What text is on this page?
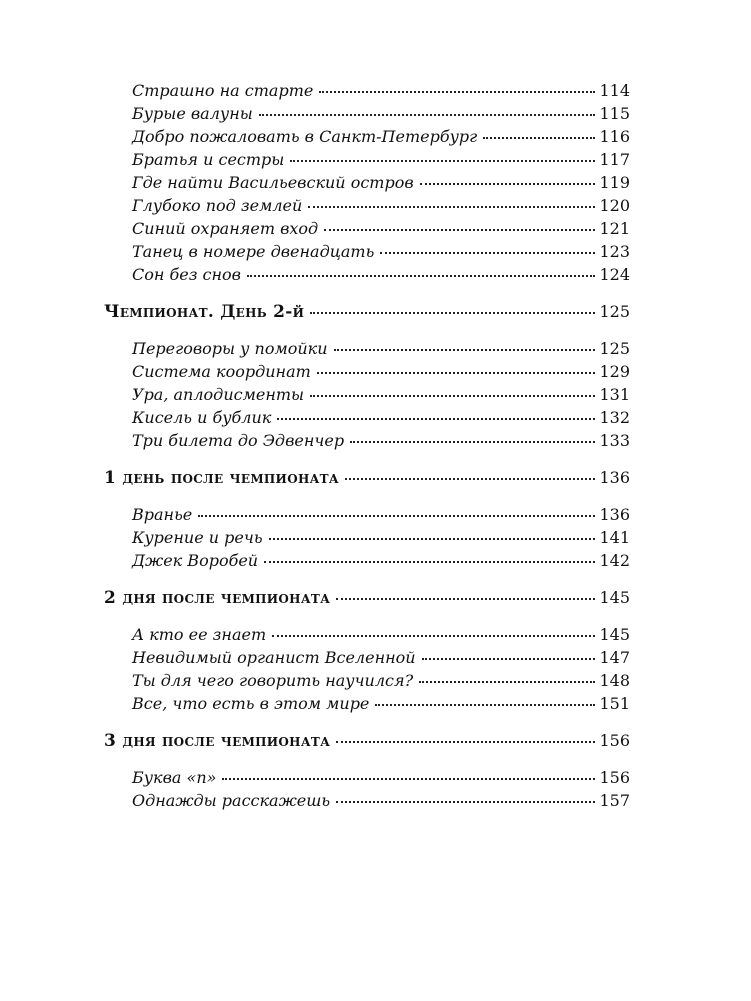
Страшно на старте	114
Бурые валуны	115
Добро пожаловать в Санкт-Петербург	116
Братья и сестры	117
Где найти Васильевский остров	119
Глубоко под землей	120
Синий охраняет вход	121
Танец в номере двенадцать	123
Сон без снов	124
Чемпионат. День 2-й	125
Переговоры у помойки	125
Система координат	129
Ура, аплодисменты	131
Кисель и бублик	132
Три билета до Эдвенчер	133
1 день после чемпионата	136
Вранье	136
Курение и речь	141
Джек Воробей	142
2 дня после чемпионата	145
А кто ее знает	145
Невидимый органист Вселенной	147
Ты для чего говорить научился?	148
Все, что есть в этом мире	151
3 дня после чемпионата	156
Буква «п»	156
Однажды расскажешь	157
